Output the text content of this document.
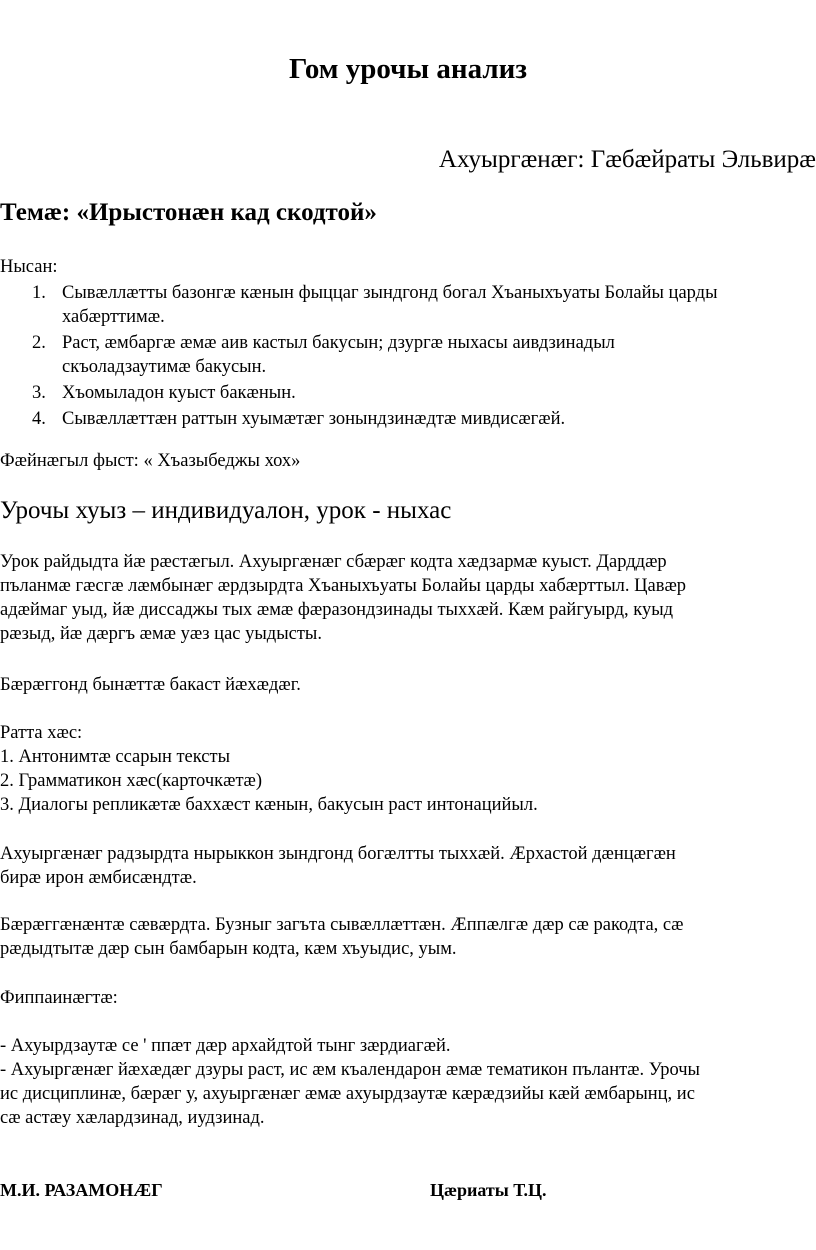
Гом урочы анализ
Ахуыргæнæг: Гæбæйраты Эльвирæ
Темæ: «Ирыстонæн кад скодтой»
Нысан:
1. Сывæллæтты базонгæ кæнын фыццаг зындгонд богал Хъаныхъуаты Болайы царды
хабæрттимæ.
2. Раст, æмбаргæ æмæ аив кастыл бакусын; дзургæ ныхасы аивдзинадыл
скъоладзаутимæ бакусын.
3. Хъомыладон куыст бакæнын.
4. Сывæллæттæн раттын хуымæтæг зонындзинæдтæ мивдисæгæй.
Фæйнæгыл фыст: « Хъазыбеджы хох»
Урочы хуыз – индивидуалон, урок - ныхас
Урок райдыдта йæ рæстæгыл. Ахуыргæнæг сбæрæг кодта хæдзармæ куыст. Дарддæр
пъланмæ гæсгæ лæмбынæг æрдзырдта Хъаныхъуаты Болайы царды хабæрттыл. Цавæр
адæймаг уыд, йæ диссаджы тых æмæ фæразондзинады тыххæй. Кæм райгуырд, куыд
рæзыд, йæ дæргъ æмæ уæз цас уыдысты.
Бæрæггонд бынæттæ бакаст йæхæдæг.
Ратта хæс:
1. Антонимтæ ссарын тексты
2. Грамматикон хæс(карточкæтæ)
3. Диалогы репликæтæ баххæст кæнын, бакусын раст интонацийыл.
Ахуыргæнæг радзырдта нырыккон зындгонд богæлтты тыххæй. Æрхастой дæнцæгæн
бирæ ирон æмбисæндтæ.
Бæрæггæнæнтæ сæвæрдта. Бузныг загъта сывæллæттæн. Æппæлгæ дæр сæ ракодта, сæ
рæдыдтытæ дæр сын бамбарын кодта, кæм хъуыдис, уым.
Фиппаинæгтæ:
- Ахуырдзаутæ се ' ппæт дæр архайдтой тынг зæрдиагæй.
- Ахуыргæнæг йæхæдæг дзуры раст, ис æм къалендарон æмæ тематикон пълантæ. Урочы
ис дисциплинæ, бæрæг у, ахуыргæнæг æмæ ахуырдзаутæ кæрæдзийы кæй æмбарынц, ис
сæ астæу хæлардзинад, иудзинад.
М.И. РАЗАМОНÆГ	Цæриаты Т.Ц.
